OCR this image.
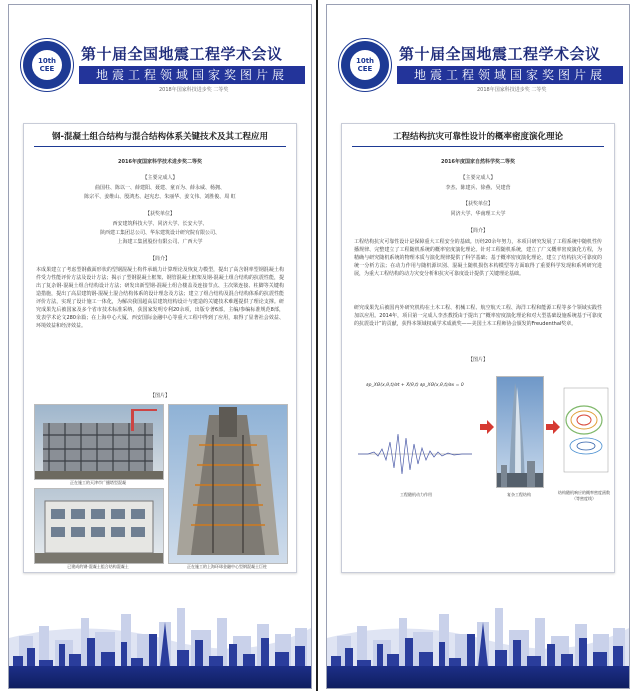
10th CEE
第十届全国地震工程学术会议
地震工程领域国家奖图片展
2018年国家科技进步奖 二等奖
钢-混凝土组合结构与混合结构体系关键技术及其工程应用
2016年度国家科学技术进步奖二等奖
【主要完成人】
曲国柱、陈以一、薛建阳、聂建、童百为、薛永威、杨拥、
陈宗平、姜维山、殷鸿杰、赵宪忠、朱丽华、姜文伟、刘胜俊、周 虹
【获奖单位】
西安建筑科技大学、同济大学、长安大学、
陕西建工集团总公司、华东建筑设计研究院有限公司、
上海建工集团股份有限公司、广西大学
【简介】
本成果建立了考虑型钢截面形状的型钢混凝土构件承载力计算理论及恢复力模型，提出了高含钢率型钢混凝土构件受力性能评价方法及设计方法；揭示了型钢混凝土框架、钢管混凝土框架及钢-混凝土组合结构的抗震性能，提出了复杂钢-混凝土组合结构设计方法；研发出新型钢-混凝土组合楼盖及连接节点、主次梁连接、柱脚等关键构造措施，提出了高层建筑钢-混凝土混合结构体系的设计理念及方法；建立了组合结构及混合结构体系的抗震性能评价方法，实现了设计施工一体化，为解决我国超高层建筑结构设计与建造的关键技术难题提供了理论支撑。研究成果先后被国家及多个省市技术标准采纳，获国家发明专利20余项，出版专著6部，主编/参编标准规范8部，发表学术论文280余篇；在上海中心大厦、西安国际金融中心等重大工程中得到了应用，取得了显著社会效益、环境效益和经济效益。
【图片】
正在施工的天津市广播塔型混凝
已建成的钢-混凝土组合结构混凝土	正在施工的上海环球金融中心型钢混凝土巨柱
10th CEE
第十届全国地震工程学术会议
地震工程领域国家奖图片展
2018年国家科技进步奖 二等奖
工程结构抗灾可靠性设计的概率密度演化理论
2016年度国家自然科学奖二等奖
【主要完成人】
李杰、陈建兵、徐燕、吴建营
【获奖单位】
同济大学、华南理工大学
【简介】
工程结构抗灾可靠性设计是保障重大工程安全的基础。历经20余年努力，本项目研究发展了工程系统中随机性传播规律、完整建立了工程随机系统的概率密度演化理论。针对工程随机系统，建立了广义概率密度演化方程，为精确与研究随机系统的物理本质与演化规律提供了科学基础；基于概率密度演化理论，建立了结构抗灾可靠度的统一分析方法；在动力作用与随机源识别、混凝土随机损伤本构模型等方面取得了重要科学发现和系列研究进展，为重大工程结构的动力灾变分析和抗灾可靠度设计提供了关键理论基础。
研究成果先后被国内外研究机构在土木工程、机械工程、航空航天工程、海洋工程和能源工程等多个领域实践性加以应用。2014年，项目第一完成人李杰教授由于提出了“概率密度演化理论和对大型基础设施系统基于可靠度的抗震设计”的贡献，获得本领域权威学术成就奖——美国土木工程师协会颁发的Freudenthal奖章。
【图片】
∂p_XΘ(x,θ,t)/∂t + Ẋ(θ,t) ∂p_XΘ(x,θ,t)/∂x = 0
工程随机动力作用	复杂工程结构	结构随机响应的概率密度函数（等密度线）
